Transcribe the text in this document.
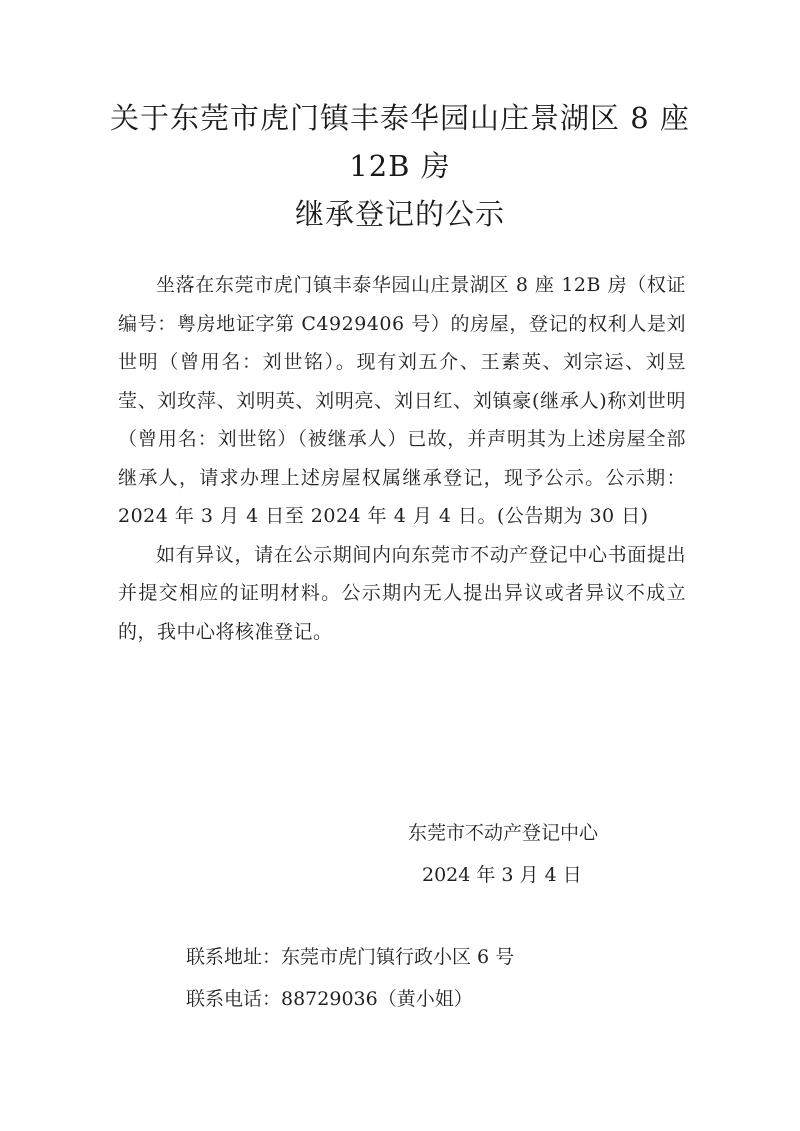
关于东莞市虎门镇丰泰华园山庄景湖区 8 座
12B 房
继承登记的公示

坐落在东莞市虎门镇丰泰华园山庄景湖区 8 座 12B 房（权证编号：粤房地证字第 C4929406 号）的房屋，登记的权利人是刘世明（曾用名：刘世铭）。现有刘五介、王素英、刘宗运、刘昱莹、刘玫萍、刘明英、刘明亮、刘日红、刘镇豪(继承人)称刘世明（曾用名：刘世铭）（被继承人）已故，并声明其为上述房屋全部继承人，请求办理上述房屋权属继承登记，现予公示。公示期：2024 年 3 月 4 日至 2024 年 4 月 4 日。(公告期为 30 日)

如有异议，请在公示期间内向东莞市不动产登记中心书面提出并提交相应的证明材料。公示期内无人提出异议或者异议不成立的，我中心将核准登记。

东莞市不动产登记中心
2024 年 3 月 4 日
联系地址：东莞市虎门镇行政小区 6 号
联系电话：88729036（黄小姐）
